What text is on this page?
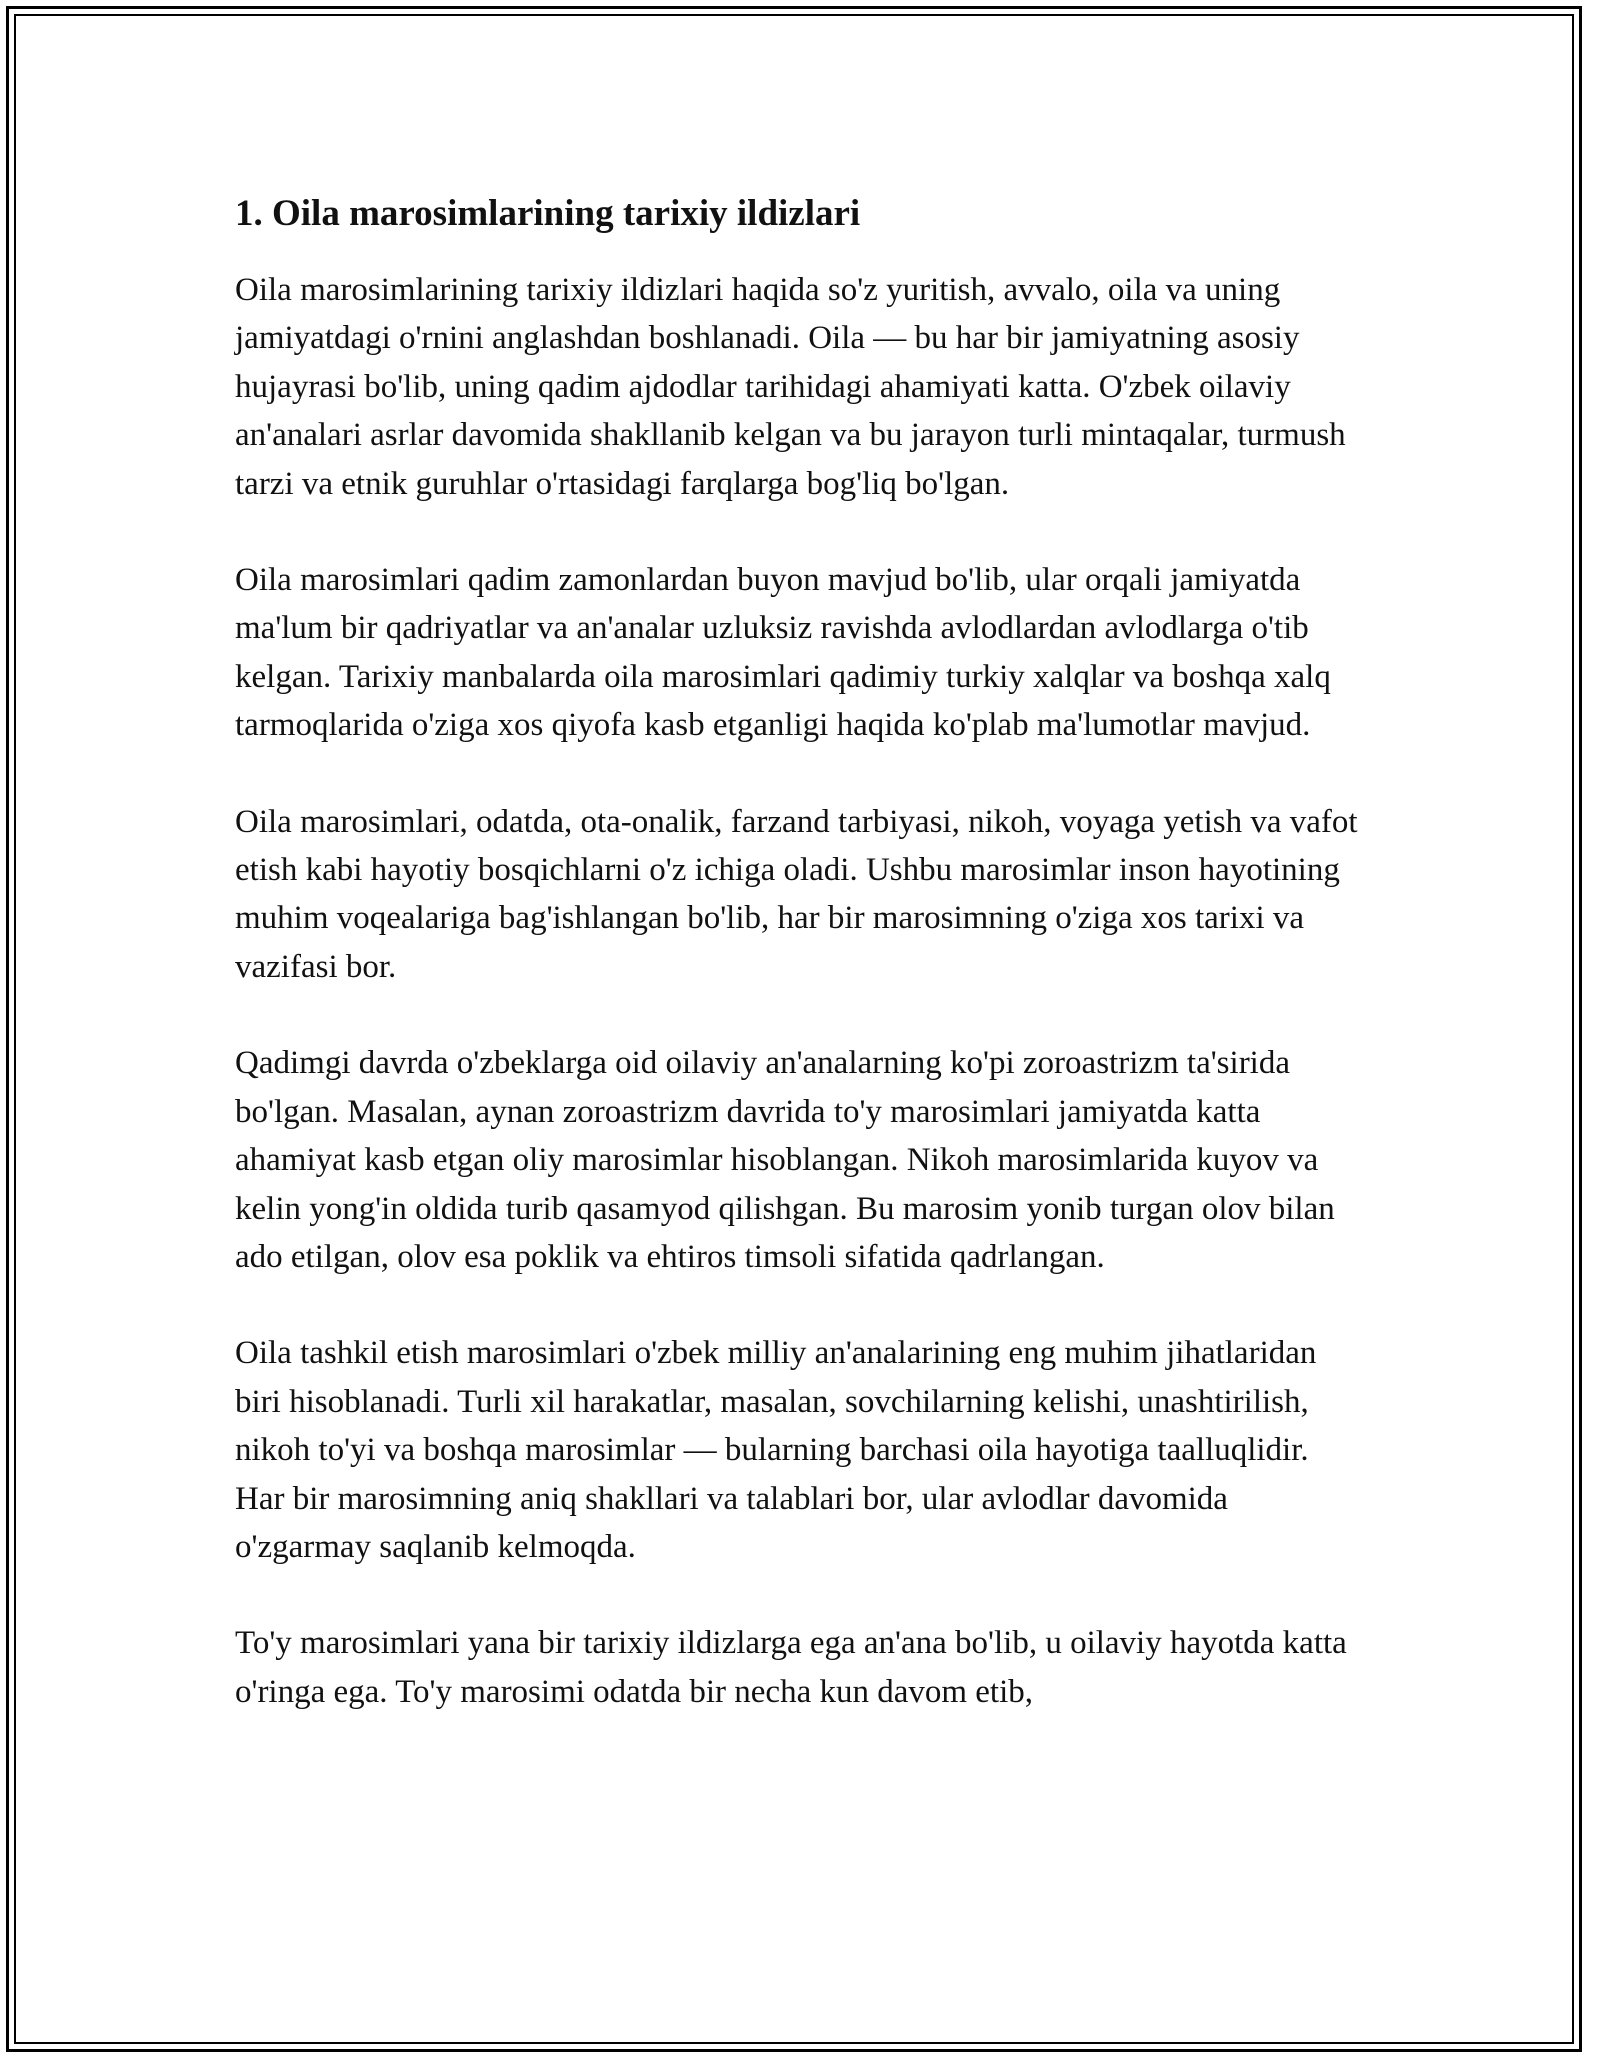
1. Oila marosimlarining tarixiy ildizlari

Oila marosimlarining tarixiy ildizlari haqida so'z yuritish, avvalo, oila va uning jamiyatdagi o'rnini anglashdan boshlanadi. Oila — bu har bir jamiyatning asosiy hujayrasi bo'lib, uning qadim ajdodlar tarihidagi ahamiyati katta. O'zbek oilaviy an'analari asrlar davomida shakllanib kelgan va bu jarayon turli mintaqalar, turmush tarzi va etnik guruhlar o'rtasidagi farqlarga bog'liq bo'lgan.

Oila marosimlari qadim zamonlardan buyon mavjud bo'lib, ular orqali jamiyatda ma'lum bir qadriyatlar va an'analar uzluksiz ravishda avlodlardan avlodlarga o'tib kelgan. Tarixiy manbalarda oila marosimlari qadimiy turkiy xalqlar va boshqa xalq tarmoqlarida o'ziga xos qiyofa kasb etganligi haqida ko'plab ma'lumotlar mavjud.

Oila marosimlari, odatda, ota-onalik, farzand tarbiyasi, nikoh, voyaga yetish va vafot etish kabi hayotiy bosqichlarni o'z ichiga oladi. Ushbu marosimlar inson hayotining muhim voqealariga bag'ishlangan bo'lib, har bir marosimning o'ziga xos tarixi va vazifasi bor.

Qadimgi davrda o'zbeklarga oid oilaviy an'analarning ko'pi zoroastrizm ta'sirida bo'lgan. Masalan, aynan zoroastrizm davrida to'y marosimlari jamiyatda katta ahamiyat kasb etgan oliy marosimlar hisoblangan. Nikoh marosimlarida kuyov va kelin yong'in oldida turib qasamyod qilishgan. Bu marosim yonib turgan olov bilan ado etilgan, olov esa poklik va ehtiros timsoli sifatida qadrlangan.

Oila tashkil etish marosimlari o'zbek milliy an'analarining eng muhim jihatlaridan biri hisoblanadi. Turli xil harakatlar, masalan, sovchilarning kelishi, unashtirilish, nikoh to'yi va boshqa marosimlar — bularning barchasi oila hayotiga taalluqlidir. Har bir marosimning aniq shakllari va talablari bor, ular avlodlar davomida o'zgarmay saqlanib kelmoqda.

To'y marosimlari yana bir tarixiy ildizlarga ega an'ana bo'lib, u oilaviy hayotda katta o'ringa ega. To'y marosimi odatda bir necha kun davom etib,
